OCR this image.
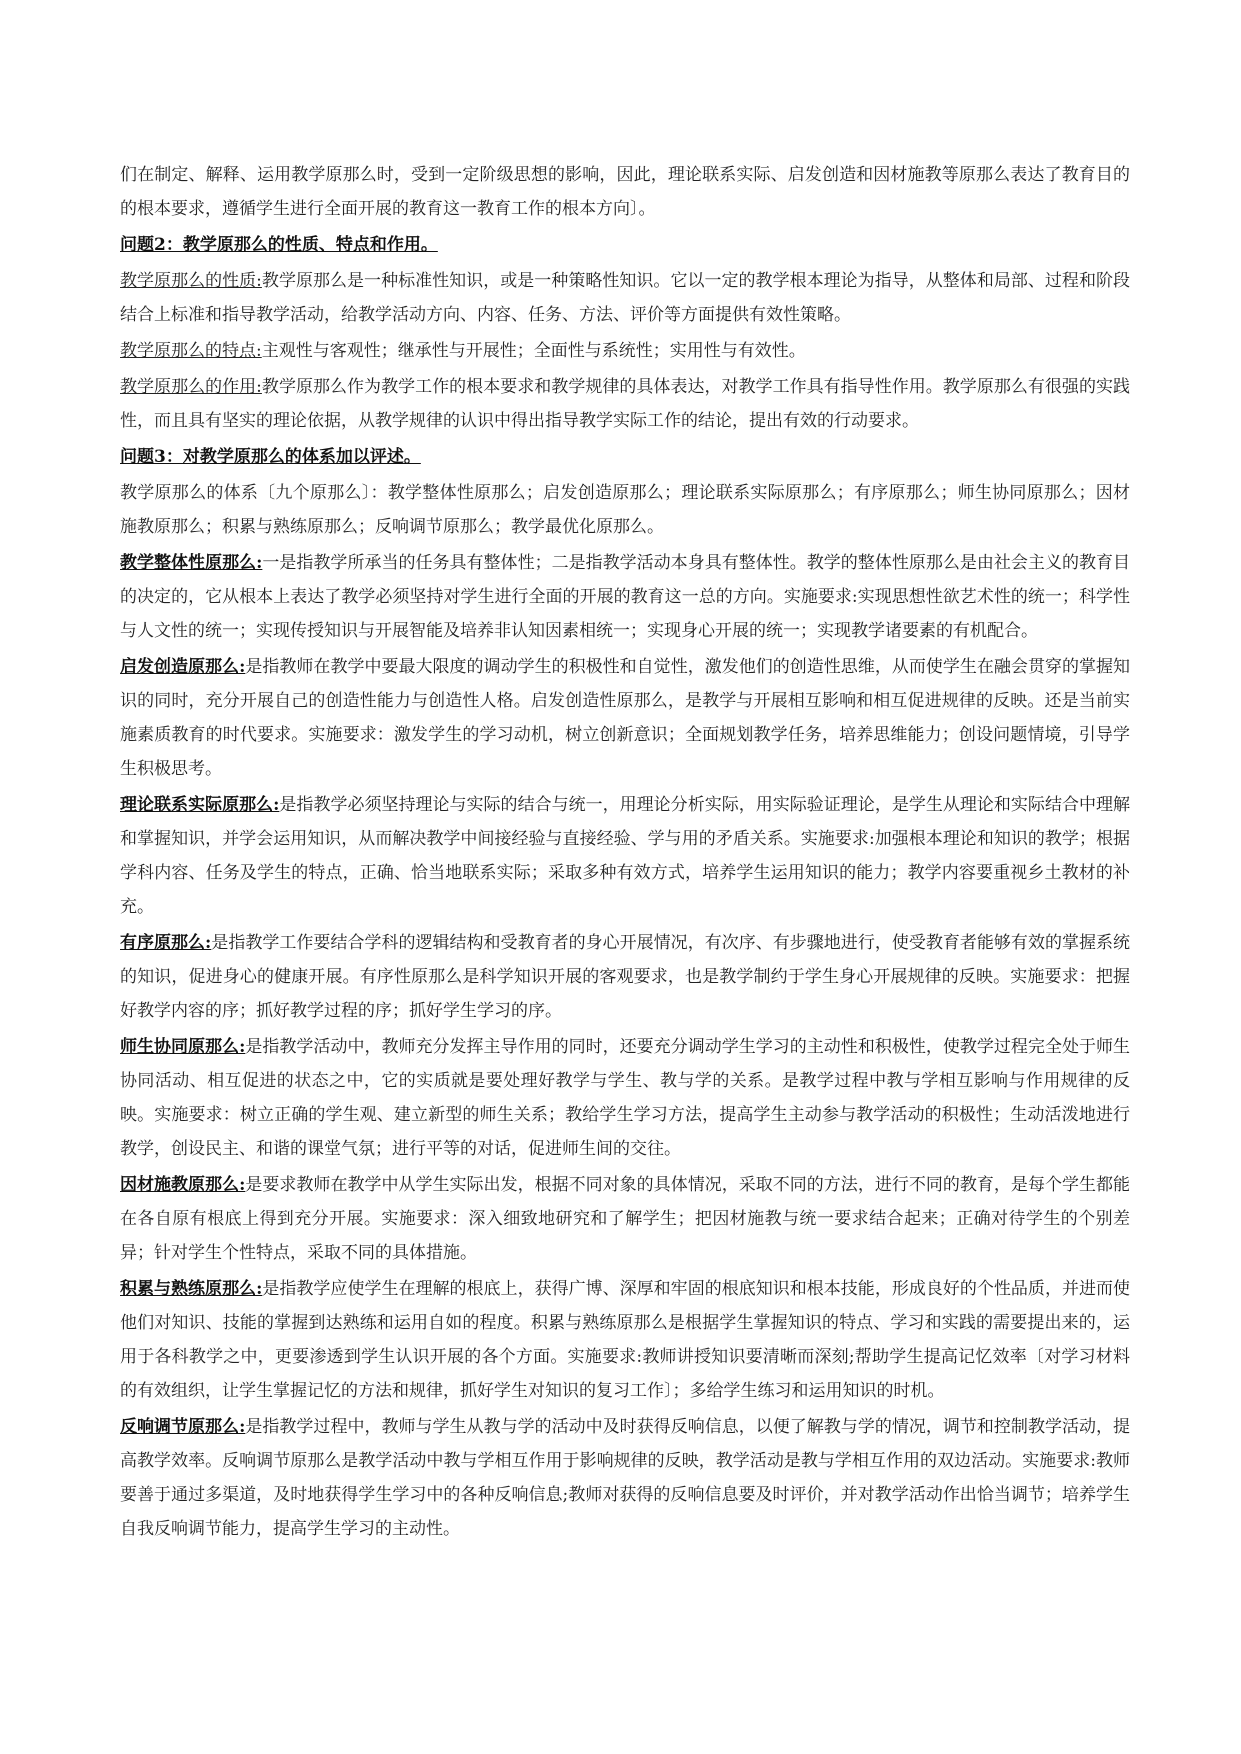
们在制定、解释、运用教学原那么时，受到一定阶级思想的影响，因此，理论联系实际、启发创造和因材施教等原那么表达了教育目的的根本要求，遵循学生进行全面开展的教育这一教育工作的根本方向〕。

问题2：教学原那么的性质、特点和作用。

教学原那么的性质:教学原那么是一种标准性知识，或是一种策略性知识。它以一定的教学根本理论为指导，从整体和局部、过程和阶段结合上标准和指导教学活动，给教学活动方向、内容、任务、方法、评价等方面提供有效性策略。

教学原那么的特点:主观性与客观性；继承性与开展性；全面性与系统性；实用性与有效性。

教学原那么的作用:教学原那么作为教学工作的根本要求和教学规律的具体表达，对教学工作具有指导性作用。教学原那么有很强的实践性，而且具有坚实的理论依据，从教学规律的认识中得出指导教学实际工作的结论，提出有效的行动要求。

问题3：对教学原那么的体系加以评述。

教学原那么的体系〔九个原那么〕：教学整体性原那么；启发创造原那么；理论联系实际原那么；有序原那么；师生协同原那么；因材施教原那么；积累与熟练原那么；反响调节原那么；教学最优化原那么。

教学整体性原那么:一是指教学所承当的任务具有整体性；二是指教学活动本身具有整体性。教学的整体性原那么是由社会主义的教育目的决定的，它从根本上表达了教学必须坚持对学生进行全面的开展的教育这一总的方向。实施要求:实现思想性欲艺术性的统一；科学性与人文性的统一；实现传授知识与开展智能及培养非认知因素相统一；实现身心开展的统一；实现教学诸要素的有机配合。

启发创造原那么:是指教师在教学中要最大限度的调动学生的积极性和自觉性，激发他们的创造性思维，从而使学生在融会贯穿的掌握知识的同时，充分开展自己的创造性能力与创造性人格。启发创造性原那么，是教学与开展相互影响和相互促进规律的反映。还是当前实施素质教育的时代要求。实施要求：激发学生的学习动机，树立创新意识；全面规划教学任务，培养思维能力；创设问题情境，引导学生积极思考。

理论联系实际原那么:是指教学必须坚持理论与实际的结合与统一，用理论分析实际，用实际验证理论，是学生从理论和实际结合中理解和掌握知识，并学会运用知识，从而解决教学中间接经验与直接经验、学与用的矛盾关系。实施要求:加强根本理论和知识的教学；根据学科内容、任务及学生的特点，正确、恰当地联系实际；采取多种有效方式，培养学生运用知识的能力；教学内容要重视乡土教材的补充。

有序原那么:是指教学工作要结合学科的逻辑结构和受教育者的身心开展情况，有次序、有步骤地进行，使受教育者能够有效的掌握系统的知识，促进身心的健康开展。有序性原那么是科学知识开展的客观要求，也是教学制约于学生身心开展规律的反映。实施要求：把握好教学内容的序；抓好教学过程的序；抓好学生学习的序。

师生协同原那么:是指教学活动中，教师充分发挥主导作用的同时，还要充分调动学生学习的主动性和积极性，使教学过程完全处于师生协同活动、相互促进的状态之中，它的实质就是要处理好教学与学生、教与学的关系。是教学过程中教与学相互影响与作用规律的反映。实施要求：树立正确的学生观、建立新型的师生关系；教给学生学习方法，提高学生主动参与教学活动的积极性；生动活泼地进行教学，创设民主、和谐的课堂气氛；进行平等的对话，促进师生间的交往。

因材施教原那么:是要求教师在教学中从学生实际出发，根据不同对象的具体情况，采取不同的方法，进行不同的教育，是每个学生都能在各自原有根底上得到充分开展。实施要求：深入细致地研究和了解学生；把因材施教与统一要求结合起来；正确对待学生的个别差异；针对学生个性特点，采取不同的具体措施。

积累与熟练原那么:是指教学应使学生在理解的根底上，获得广博、深厚和牢固的根底知识和根本技能，形成良好的个性品质，并进而使他们对知识、技能的掌握到达熟练和运用自如的程度。积累与熟练原那么是根据学生掌握知识的特点、学习和实践的需要提出来的，运用于各科教学之中，更要渗透到学生认识开展的各个方面。实施要求:教师讲授知识要清晰而深刻;帮助学生提高记忆效率〔对学习材料的有效组织，让学生掌握记忆的方法和规律，抓好学生对知识的复习工作〕；多给学生练习和运用知识的时机。

反响调节原那么:是指教学过程中，教师与学生从教与学的活动中及时获得反响信息，以便了解教与学的情况，调节和控制教学活动，提高教学效率。反响调节原那么是教学活动中教与学相互作用于影响规律的反映，教学活动是教与学相互作用的双边活动。实施要求:教师要善于通过多渠道，及时地获得学生学习中的各种反响信息;教师对获得的反响信息要及时评价，并对教学活动作出恰当调节；培养学生自我反响调节能力，提高学生学习的主动性。
